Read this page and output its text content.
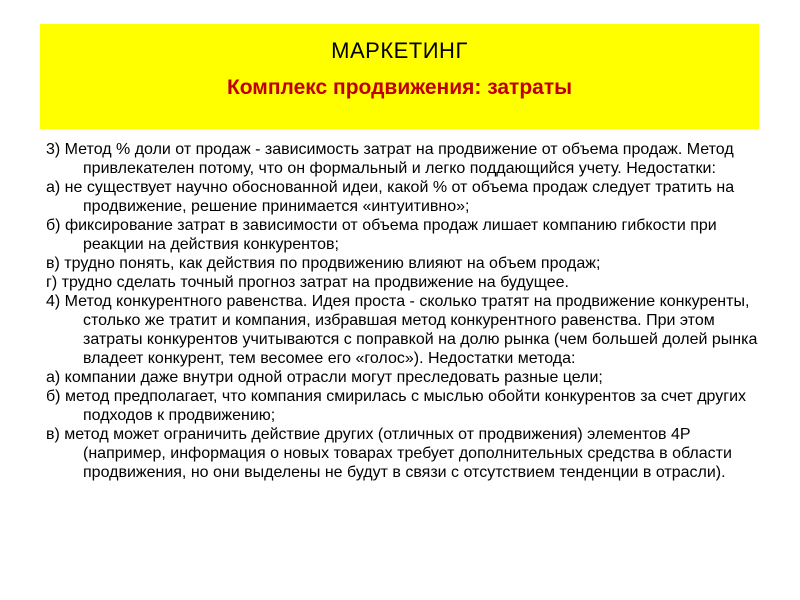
МАРКЕТИНГ
Комплекс продвижения: затраты

3) Метод % доли от продаж - зависимость затрат на продвижение от объема продаж. Метод привлекателен потому, что он формальный и легко поддающийся учету. Недостатки:

а) не существует научно обоснованной идеи, какой % от объема продаж следует тратить на продвижение, решение принимается «интуитивно»;

б) фиксирование затрат в зависимости от объема продаж лишает компанию гибкости при реакции на действия конкурентов;

в) трудно понять, как действия по продвижению влияют на объем продаж;

г) трудно сделать точный прогноз затрат на продвижение на будущее.

4) Метод конкурентного равенства. Идея проста - сколько тратят на продвижение конкуренты, столько же тратит и компания, избравшая метод конкурентного равенства. При этом затраты конкурентов учитываются с поправкой на долю рынка (чем большей долей рынка владеет конкурент, тем весомее его «голос»). Недостатки метода:

а) компании даже внутри одной отрасли могут преследовать разные цели;

б) метод предполагает, что компания смирилась с мыслью обойти конкурентов за счет других подходов к продвижению;

в) метод может ограничить действие других (отличных от продвижения) элементов 4Р (например, информация о новых товарах требует дополнительных средства в области продвижения, но они выделены не будут в связи с отсутствием тенденции в отрасли).
